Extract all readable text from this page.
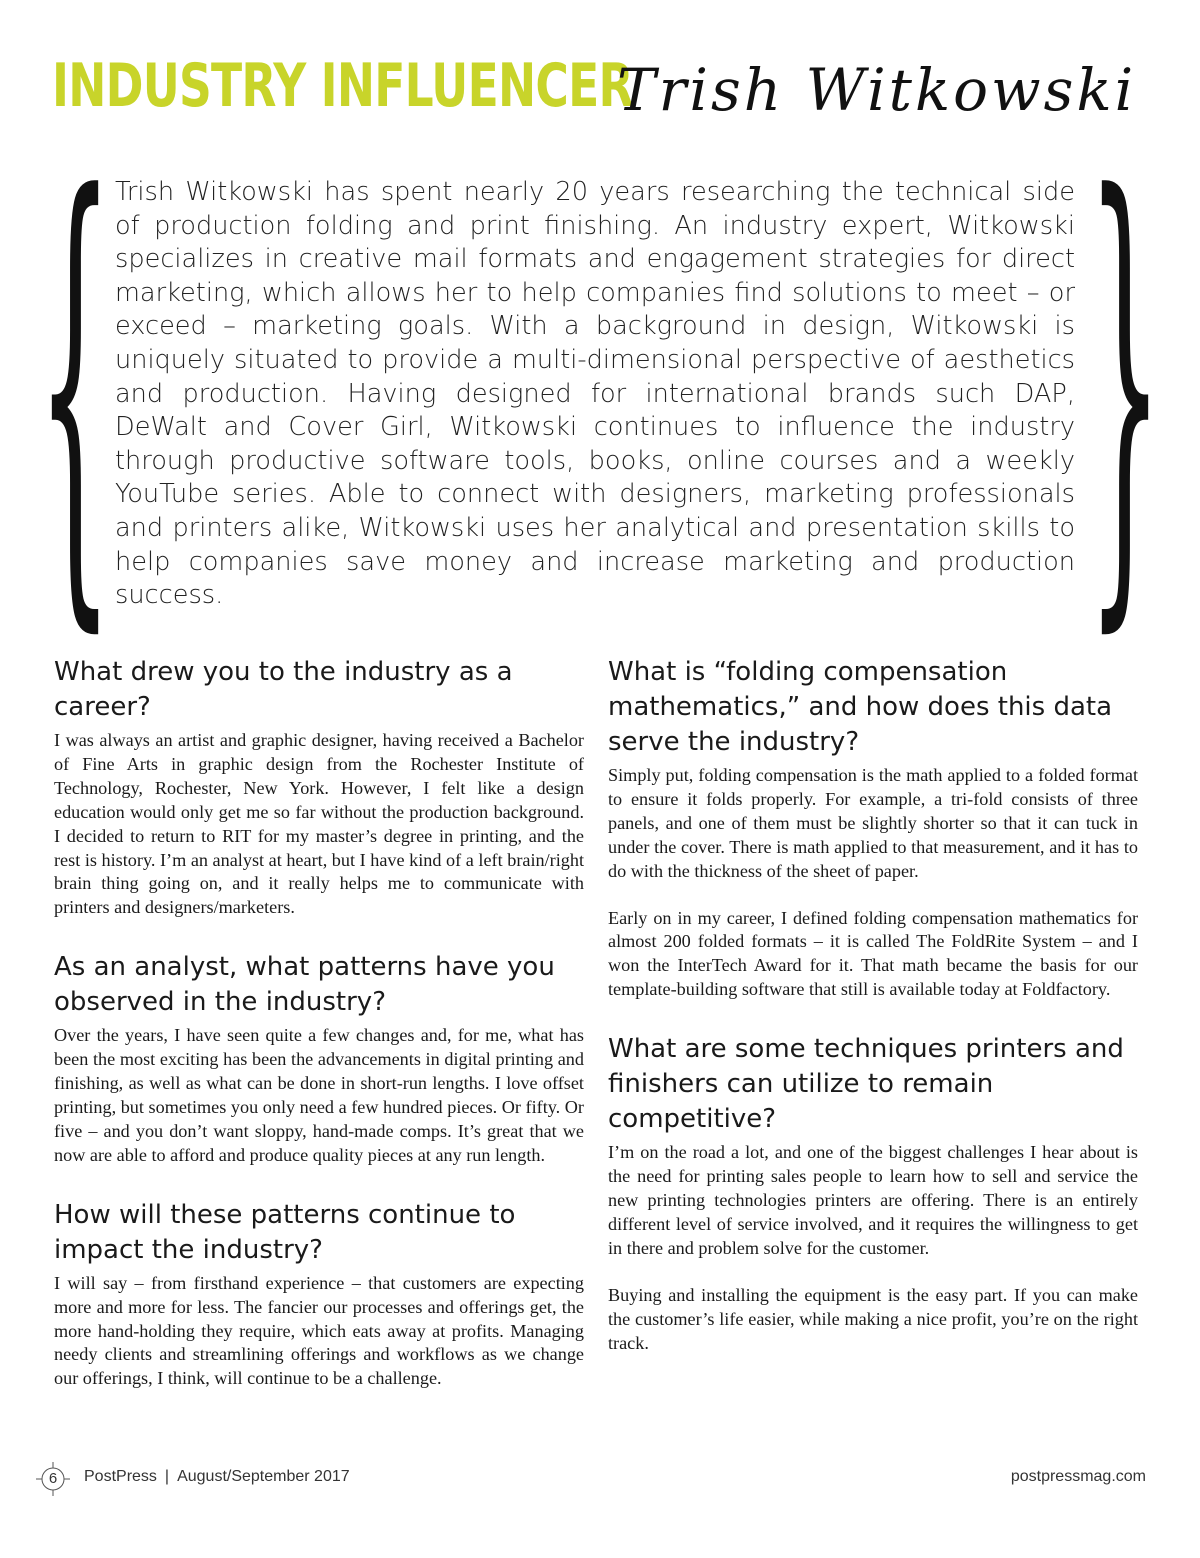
INDUSTRY INFLUENCER
Trish Witkowski
{ Trish Witkowski has spent nearly 20 years researching the technical side of production folding and print finishing. An industry expert, Witkowski specializes in creative mail formats and engagement strategies for direct marketing, which allows her to help companies find solutions to meet – or exceed – marketing goals. With a background in design, Witkowski is uniquely situated to provide a multi-dimensional perspective of aesthetics and production. Having designed for international brands such DAP, DeWalt and Cover Girl, Witkowski continues to influence the industry through productive software tools, books, online courses and a weekly YouTube series. Able to connect with designers, marketing professionals and printers alike, Witkowski uses her analytical and presentation skills to help companies save money and increase marketing and production success.	}
What drew you to the industry as a career?

I was always an artist and graphic designer, having received a Bachelor of Fine Arts in graphic design from the Rochester Institute of Technology, Rochester, New York. However, I felt like a design education would only get me so far without the production background. I decided to return to RIT for my master’s degree in printing, and the rest is history. I’m an analyst at heart, but I have kind of a left brain/right brain thing going on, and it really helps me to communicate with printers and designers/marketers.

As an analyst, what patterns have you observed in the industry?

Over the years, I have seen quite a few changes and, for me, what has been the most exciting has been the advancements in digital printing and finishing, as well as what can be done in short-run lengths. I love offset printing, but sometimes you only need a few hundred pieces. Or fifty. Or five – and you don’t want sloppy, hand-made comps. It’s great that we now are able to afford and produce quality pieces at any run length.

How will these patterns continue to impact the industry?

I will say – from firsthand experience – that customers are expecting more and more for less. The fancier our processes and offerings get, the more hand-holding they require, which eats away at profits. Managing needy clients and streamlining offerings and workflows as we change our offerings, I think, will continue to be a challenge.

What is “folding compensation mathematics,” and how does this data serve the industry?

Simply put, folding compensation is the math applied to a folded format to ensure it folds properly. For example, a tri-fold consists of three panels, and one of them must be slightly shorter so that it can tuck in under the cover. There is math applied to that measurement, and it has to do with the thickness of the sheet of paper.

Early on in my career, I defined folding compensation mathematics for almost 200 folded formats – it is called The FoldRite System – and I won the InterTech Award for it. That math became the basis for our template-building software that still is available today at Foldfactory.

What are some techniques printers and finishers can utilize to remain competitive?

I’m on the road a lot, and one of the biggest challenges I hear about is the need for printing sales people to learn how to sell and service the new printing technologies printers are offering. There is an entirely different level of service involved, and it requires the willingness to get in there and problem solve for the customer.

Buying and installing the equipment is the easy part. If you can make the customer’s life easier, while making a nice profit, you’re on the right track.

6	PostPress | August/September 2017	postpressmag.com
